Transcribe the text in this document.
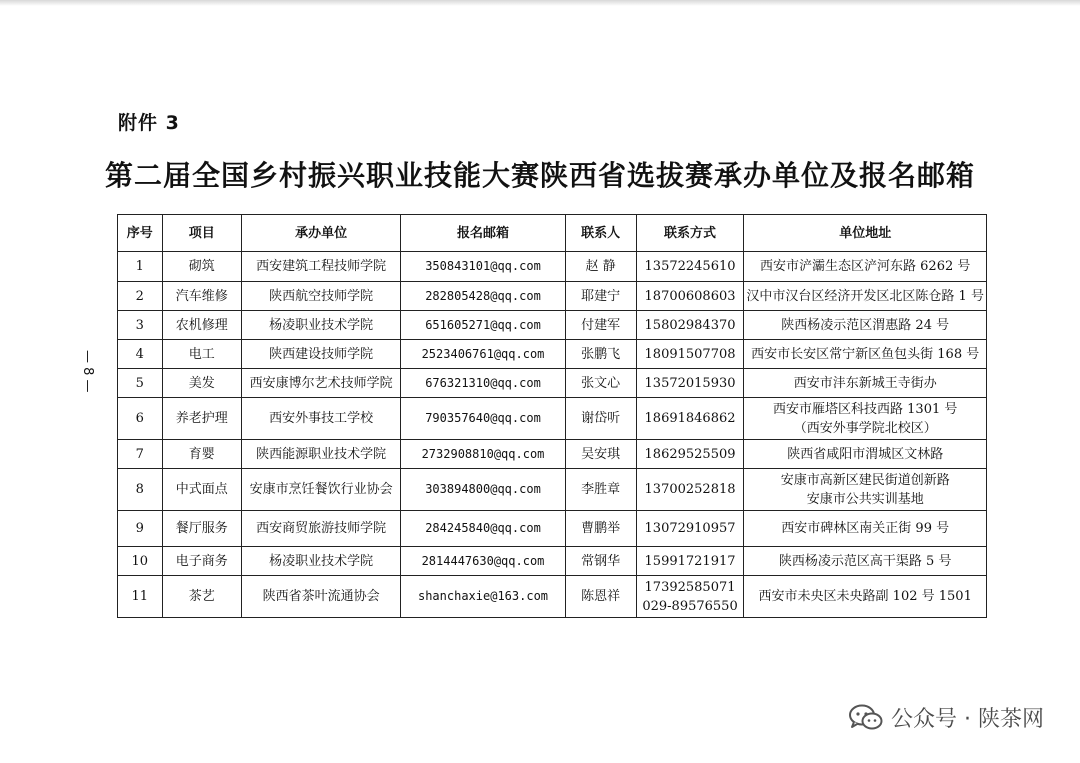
附件 3
第二届全国乡村振兴职业技能大赛陕西省选拔赛承办单位及报名邮箱
— 8 —
序号	项目	承办单位	报名邮箱	联系人	联系方式	单位地址
1	砌筑	西安建筑工程技师学院	350843101@qq.com	赵 静	13572245610	西安市浐灞生态区浐河东路 6262 号

2	汽车维修	陕西航空技师学院	282805428@qq.com	耶建宁	18700608603	汉中市汉台区经济开发区北区陈仓路 1 号

3	农机修理	杨凌职业技术学院	651605271@qq.com	付建军	15802984370	陕西杨凌示范区渭惠路 24 号

4	电工	陕西建设技师学院	2523406761@qq.com	张鹏飞	18091507708	西安市长安区常宁新区鱼包头街 168 号

5	美发	西安康博尔艺术技师学院	676321310@qq.com	张文心	13572015930	西安市沣东新城王寺街办

6	养老护理	西安外事技工学校	790357640@qq.com	谢岱听	18691846862	西安市雁塔区科技西路 1301 号
（西安外事学院北校区）

7	育婴	陕西能源职业技术学院	2732908810@qq.com	吴安琪	18629525509	陕西省咸阳市渭城区文林路

8	中式面点	安康市烹饪餐饮行业协会	303894800@qq.com	李胜章	13700252818	安康市高新区建民街道创新路
安康市公共实训基地

9	餐厅服务	西安商贸旅游技师学院	284245840@qq.com	曹鹏举	13072910957	西安市碑林区南关正街 99 号

10	电子商务	杨凌职业技术学院	2814447630@qq.com	常钢华	15991721917	陕西杨凌示范区高干渠路 5 号

11	茶艺	陕西省茶叶流通协会	shanchaxie@163.com	陈恩祥	17392585071
029-89576550	西安市未央区未央路副 102 号 1501
公众号 · 陕茶网
